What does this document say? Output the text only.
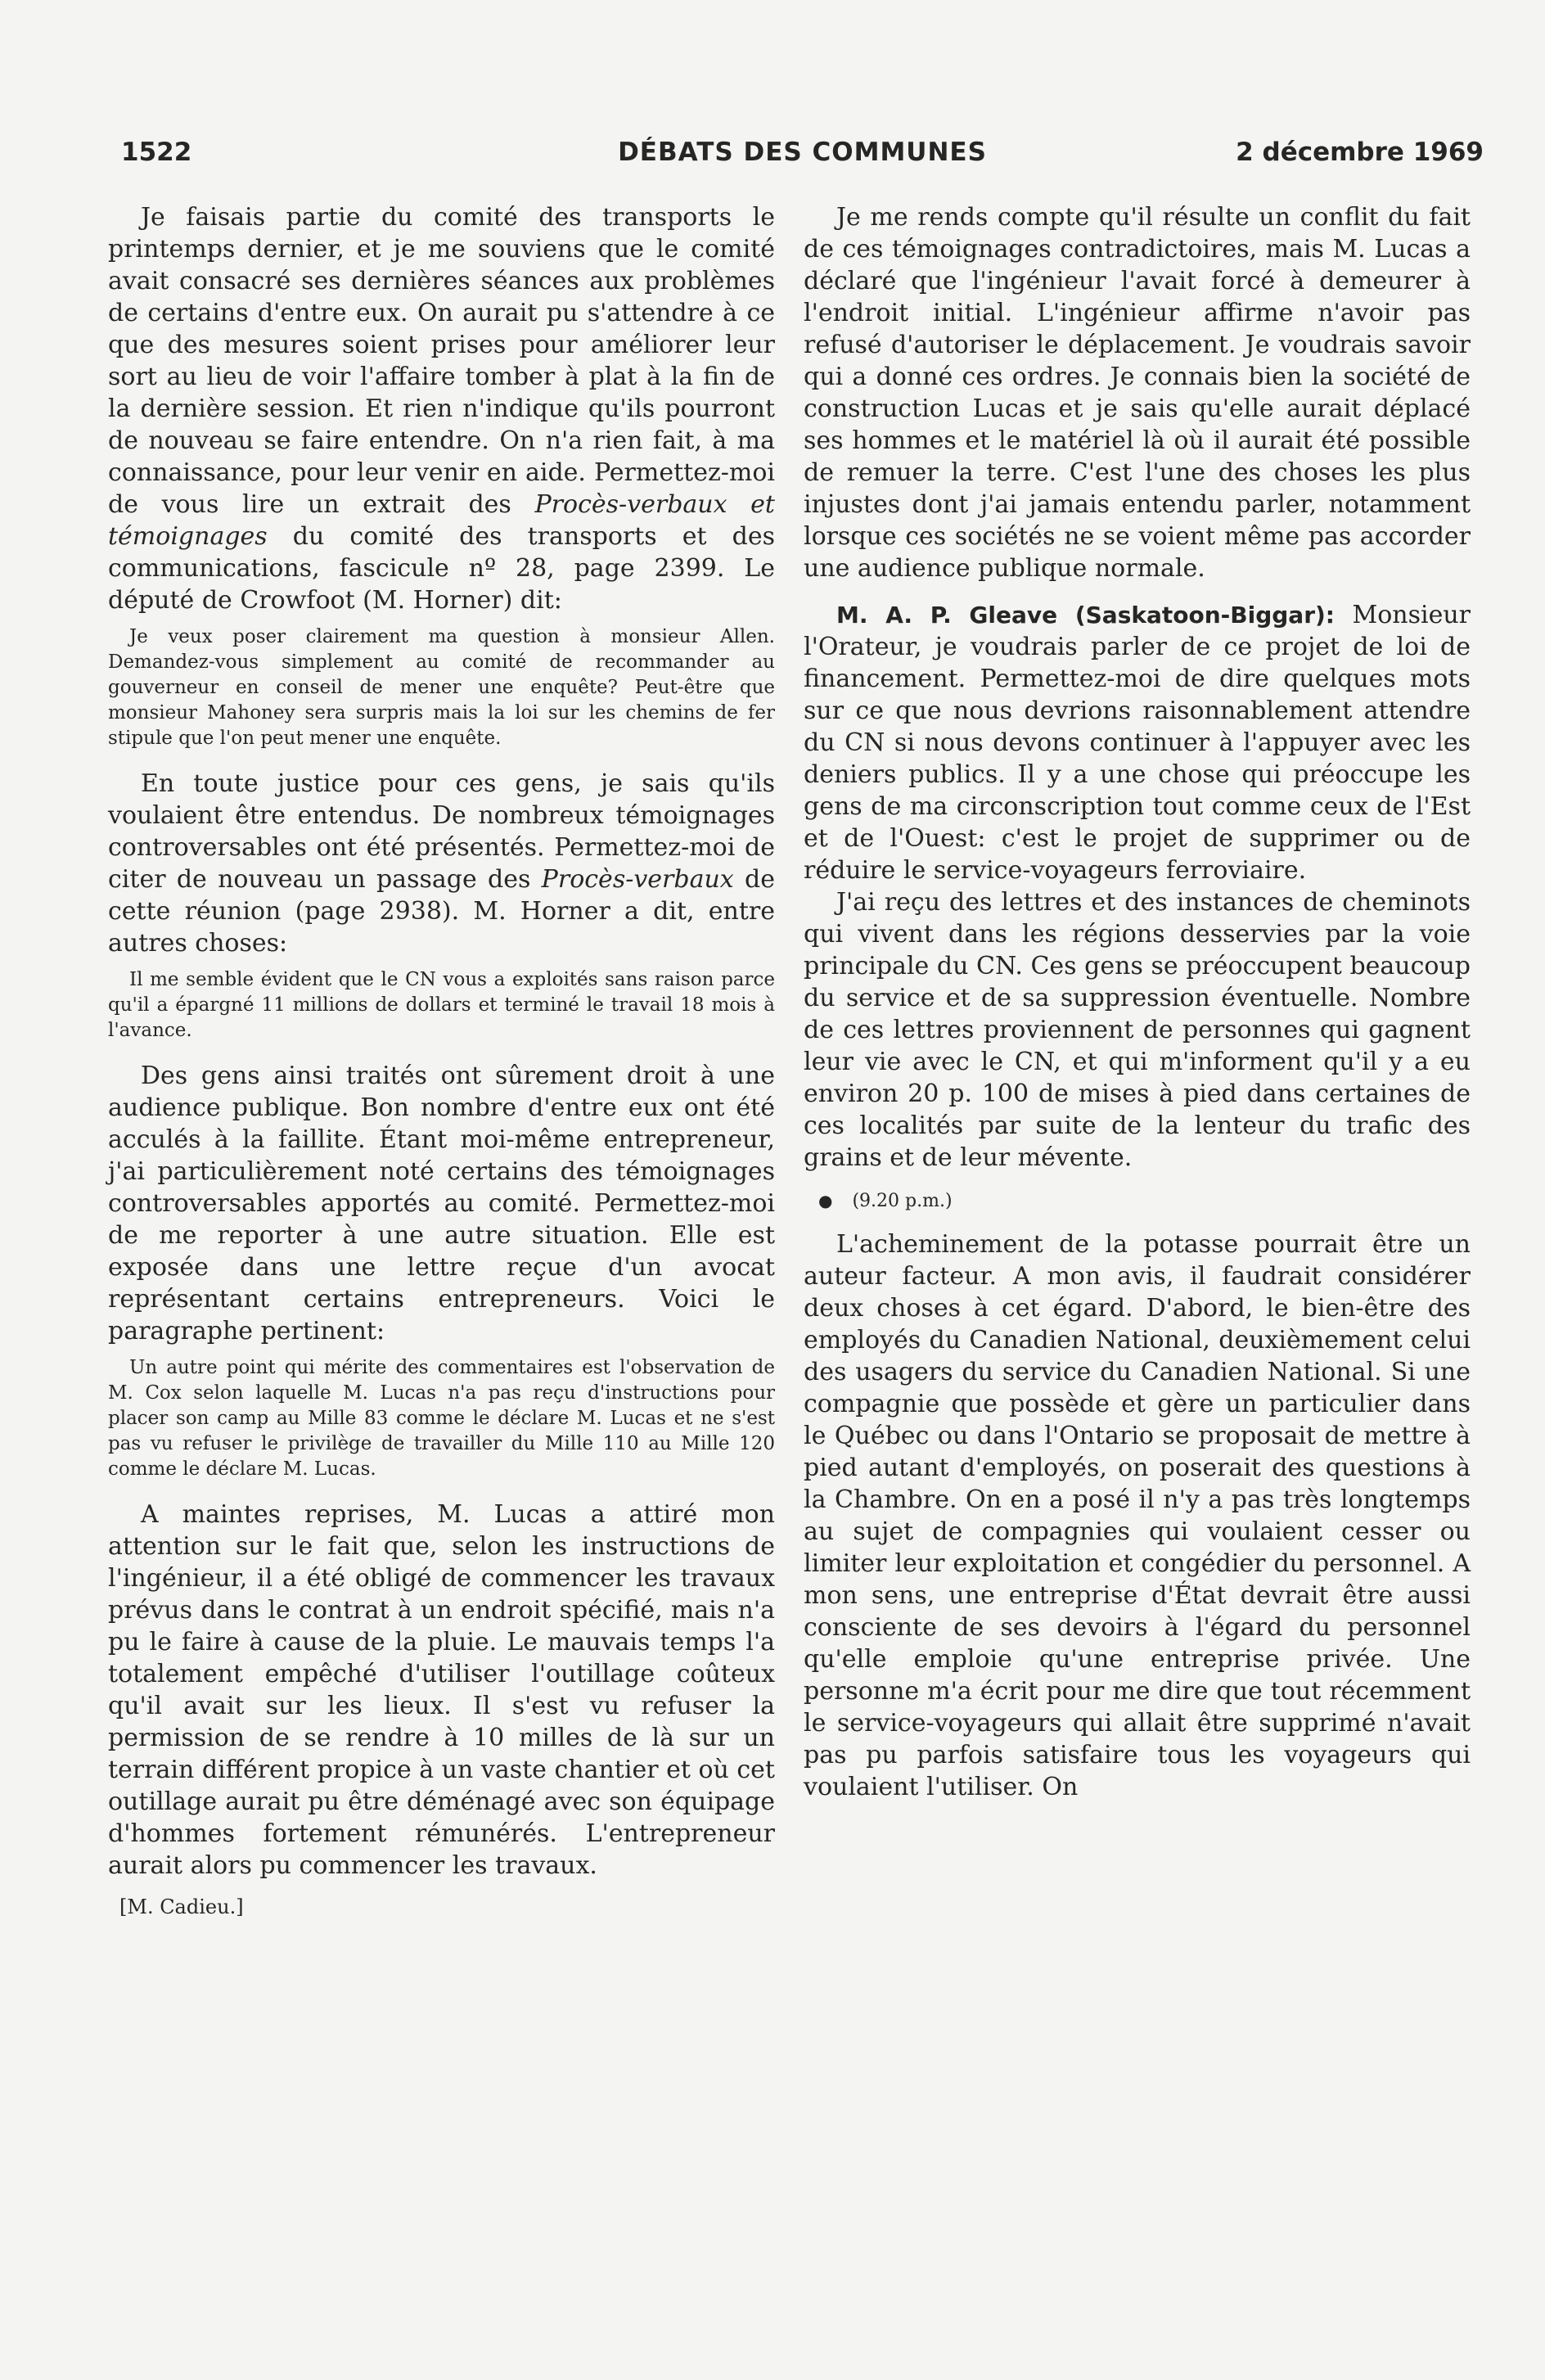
1522	DÉBATS DES COMMUNES	2 décembre 1969

Je faisais partie du comité des transports le printemps dernier, et je me souviens que le comité avait consacré ses dernières séances aux problèmes de certains d'entre eux. On aurait pu s'attendre à ce que des mesures soient prises pour améliorer leur sort au lieu de voir l'affaire tomber à plat à la fin de la dernière session. Et rien n'indique qu'ils pourront de nouveau se faire entendre. On n'a rien fait, à ma connaissance, pour leur venir en aide. Permettez-moi de vous lire un extrait des Procès-verbaux et témoignages du comité des transports et des communications, fascicule nº 28, page 2399. Le député de Crowfoot (M. Horner) dit:

Je veux poser clairement ma question à monsieur Allen. Demandez-vous simplement au comité de recommander au gouverneur en conseil de mener une enquête? Peut-être que monsieur Mahoney sera surpris mais la loi sur les chemins de fer stipule que l'on peut mener une enquête.

En toute justice pour ces gens, je sais qu'ils voulaient être entendus. De nombreux témoignages controversables ont été présentés. Permettez-moi de citer de nouveau un passage des Procès-verbaux de cette réunion (page 2938). M. Horner a dit, entre autres choses:

Il me semble évident que le CN vous a exploités sans raison parce qu'il a épargné 11 millions de dollars et terminé le travail 18 mois à l'avance.

Des gens ainsi traités ont sûrement droit à une audience publique. Bon nombre d'entre eux ont été acculés à la faillite. Étant moi-même entrepreneur, j'ai particulièrement noté certains des témoignages controversables apportés au comité. Permettez-moi de me reporter à une autre situation. Elle est exposée dans une lettre reçue d'un avocat représentant certains entrepreneurs. Voici le paragraphe pertinent:

Un autre point qui mérite des commentaires est l'observation de M. Cox selon laquelle M. Lucas n'a pas reçu d'instructions pour placer son camp au Mille 83 comme le déclare M. Lucas et ne s'est pas vu refuser le privilège de travailler du Mille 110 au Mille 120 comme le déclare M. Lucas.

A maintes reprises, M. Lucas a attiré mon attention sur le fait que, selon les instructions de l'ingénieur, il a été obligé de commencer les travaux prévus dans le contrat à un endroit spécifié, mais n'a pu le faire à cause de la pluie. Le mauvais temps l'a totalement empêché d'utiliser l'outillage coûteux qu'il avait sur les lieux. Il s'est vu refuser la permission de se rendre à 10 milles de là sur un terrain différent propice à un vaste chantier et où cet outillage aurait pu être déménagé avec son équipage d'hommes fortement rémunérés. L'entrepreneur aurait alors pu commencer les travaux.

[M. Cadieu.]

Je me rends compte qu'il résulte un conflit du fait de ces témoignages contradictoires, mais M. Lucas a déclaré que l'ingénieur l'avait forcé à demeurer à l'endroit initial. L'ingénieur affirme n'avoir pas refusé d'autoriser le déplacement. Je voudrais savoir qui a donné ces ordres. Je connais bien la société de construction Lucas et je sais qu'elle aurait déplacé ses hommes et le matériel là où il aurait été possible de remuer la terre. C'est l'une des choses les plus injustes dont j'ai jamais entendu parler, notamment lorsque ces sociétés ne se voient même pas accorder une audience publique normale.

M. A. P. Gleave (Saskatoon-Biggar): Monsieur l'Orateur, je voudrais parler de ce projet de loi de financement. Permettez-moi de dire quelques mots sur ce que nous devrions raisonnablement attendre du CN si nous devons continuer à l'appuyer avec les deniers publics. Il y a une chose qui préoccupe les gens de ma circonscription tout comme ceux de l'Est et de l'Ouest: c'est le projet de supprimer ou de réduire le service-voyageurs ferroviaire.

J'ai reçu des lettres et des instances de cheminots qui vivent dans les régions desservies par la voie principale du CN. Ces gens se préoccupent beaucoup du service et de sa suppression éventuelle. Nombre de ces lettres proviennent de personnes qui gagnent leur vie avec le CN, et qui m'informent qu'il y a eu environ 20 p. 100 de mises à pied dans certaines de ces localités par suite de la lenteur du trafic des grains et de leur mévente.

● (9.20 p.m.)

L'acheminement de la potasse pourrait être un auteur facteur. A mon avis, il faudrait considérer deux choses à cet égard. D'abord, le bien-être des employés du Canadien National, deuxièmement celui des usagers du service du Canadien National. Si une compagnie que possède et gère un particulier dans le Québec ou dans l'Ontario se proposait de mettre à pied autant d'employés, on poserait des questions à la Chambre. On en a posé il n'y a pas très longtemps au sujet de compagnies qui voulaient cesser ou limiter leur exploitation et congédier du personnel. A mon sens, une entreprise d'État devrait être aussi consciente de ses devoirs à l'égard du personnel qu'elle emploie qu'une entreprise privée. Une personne m'a écrit pour me dire que tout récemment le service-voyageurs qui allait être supprimé n'avait pas pu parfois satisfaire tous les voyageurs qui voulaient l'utiliser. On
